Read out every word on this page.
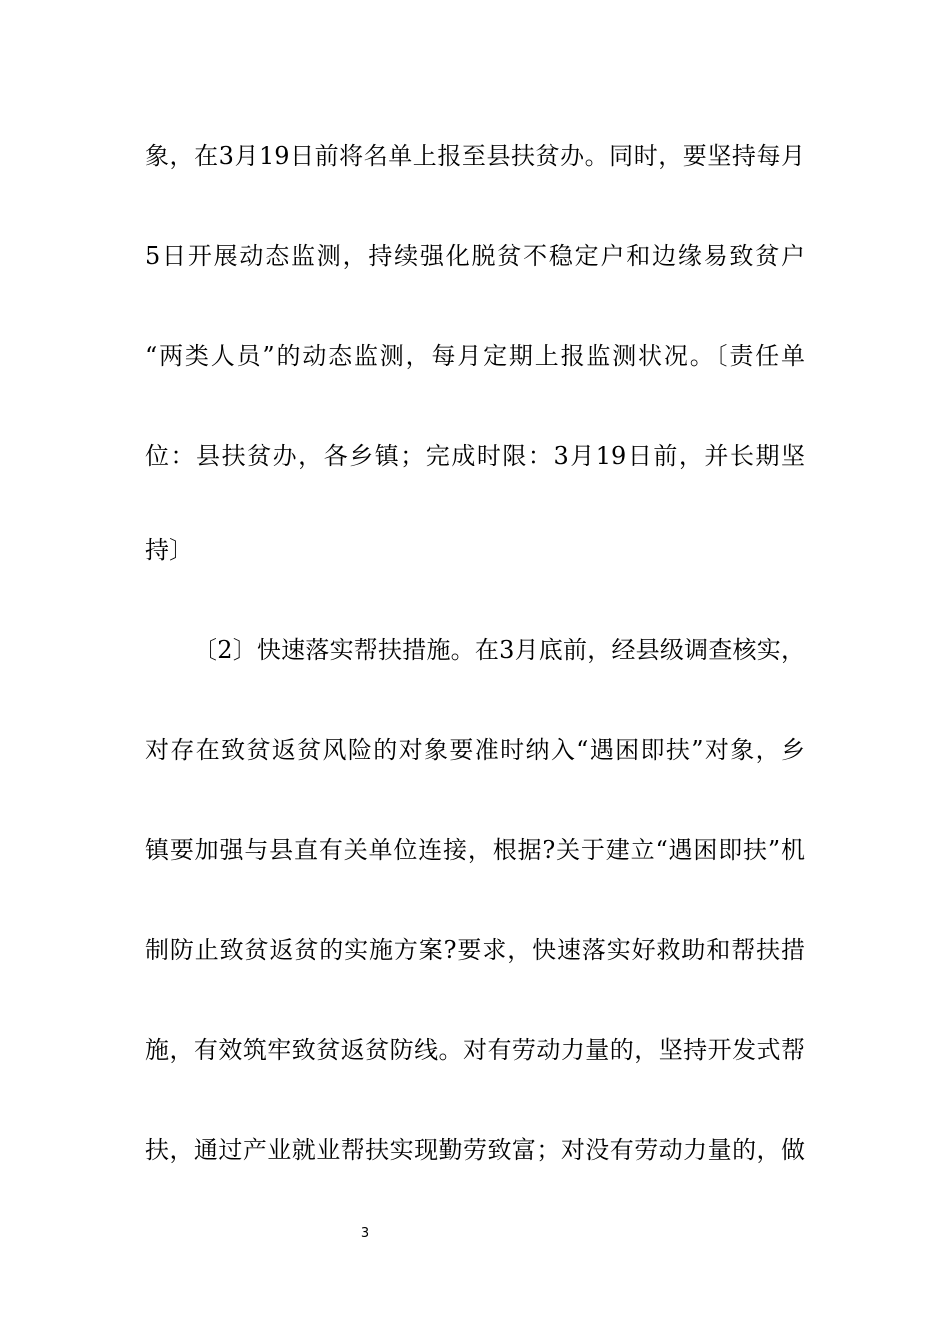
象，在3月19日前将名单上报至县扶贫办。同时，要坚持每月
5日开展动态监测，持续强化脱贫不稳定户和边缘易致贫户
“两类人员”的动态监测，每月定期上报监测状况。〔责任单
位：县扶贫办，各乡镇；完成时限：3月19日前，并长期坚
持〕
〔2〕快速落实帮扶措施。在3月底前，经县级调查核实，
对存在致贫返贫风险的对象要准时纳入“遇困即扶”对象，乡
镇要加强与县直有关单位连接，根据?关于建立“遇困即扶”机
制防止致贫返贫的实施方案?要求，快速落实好救助和帮扶措
施，有效筑牢致贫返贫防线。对有劳动力量的，坚持开发式帮
扶，通过产业就业帮扶实现勤劳致富；对没有劳动力量的，做
3
